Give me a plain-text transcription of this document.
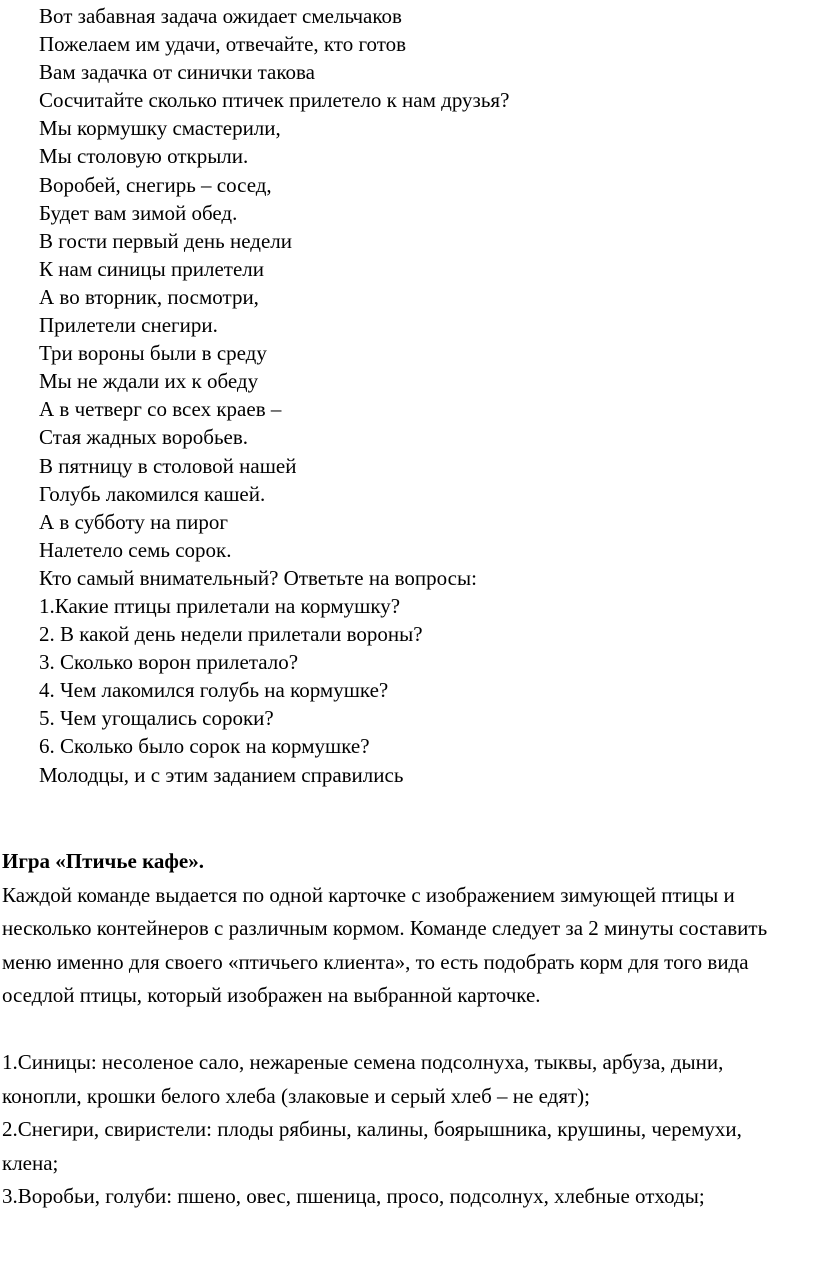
Вот забавная задача ожидает смельчаков
Пожелаем им удачи, отвечайте, кто готов
Вам задачка от синички такова
Сосчитайте сколько птичек прилетело к нам друзья?
Мы кормушку смастерили,
Мы столовую открыли.
Воробей, снегирь – сосед,
Будет вам зимой обед.
В гости первый день недели
К нам синицы прилетели
А во вторник, посмотри,
Прилетели снегири.
Три вороны были в среду
Мы не ждали их к обеду
А в четверг со всех краев –
Стая жадных воробьев.
В пятницу в столовой нашей
Голубь лакомился кашей.
А в субботу на пирог
Налетело семь сорок.
Кто самый внимательный? Ответьте на вопросы:
1.Какие птицы прилетали на кормушку?
2. В какой день недели прилетали вороны?
3. Сколько ворон прилетало?
4. Чем лакомился голубь на кормушке?
5. Чем угощались сороки?
6. Сколько было сорок на кормушке?
Молодцы, и с этим заданием справились
Игра «Птичье кафе».

Каждой команде выдается по одной карточке с изображением зимующей птицы и несколько контейнеров с различным кормом. Команде следует за 2 минуты составить меню именно для своего «птичьего клиента», то есть подобрать корм для того вида оседлой птицы, который изображен на выбранной карточке.

1.Синицы: несоленое сало, нежареные семена подсолнуха, тыквы, арбуза, дыни, конопли, крошки белого хлеба (злаковые и серый хлеб – не едят);

2.Снегири, свиристели: плоды рябины, калины, боярышника, крушины, черемухи, клена;

3.Воробьи, голуби: пшено, овес, пшеница, просо, подсолнух, хлебные отходы;
